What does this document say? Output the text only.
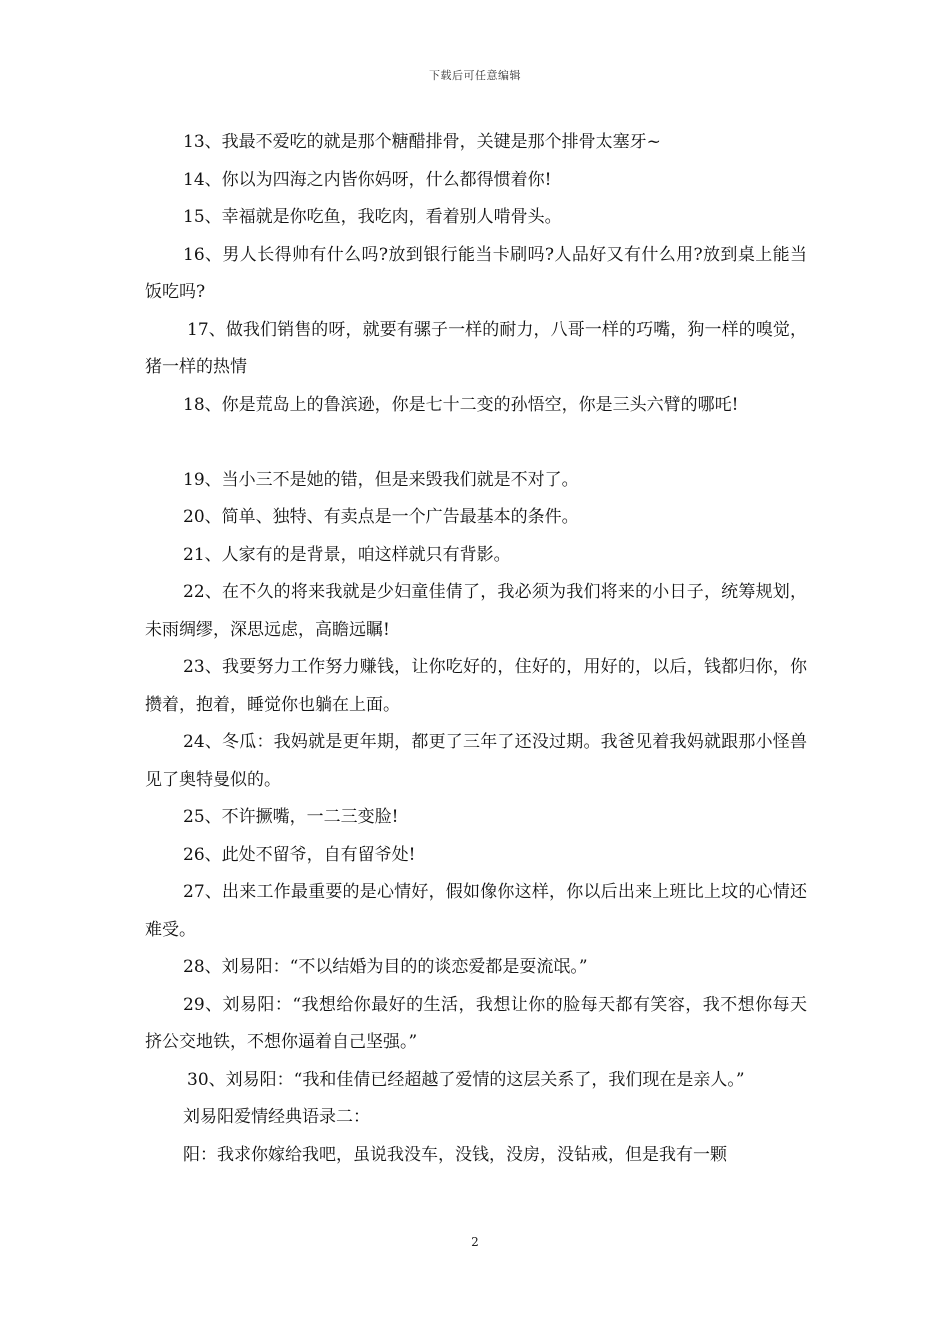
下载后可任意编辑

13、我最不爱吃的就是那个糖醋排骨，关键是那个排骨太塞牙~

14、你以为四海之内皆你妈呀，什么都得惯着你!

15、幸福就是你吃鱼，我吃肉，看着别人啃骨头。

16、男人长得帅有什么吗?放到银行能当卡刷吗?人品好又有什么用?放到桌上能当饭吃吗?

17、做我们销售的呀，就要有骡子一样的耐力，八哥一样的巧嘴，狗一样的嗅觉，猪一样的热情

18、你是荒岛上的鲁滨逊，你是七十二变的孙悟空，你是三头六臂的哪吒!

19、当小三不是她的错，但是来毁我们就是不对了。

20、简单、独特、有卖点是一个广告最基本的条件。

21、人家有的是背景，咱这样就只有背影。

22、在不久的将来我就是少妇童佳倩了，我必须为我们将来的小日子，统筹规划，未雨绸缪，深思远虑，高瞻远瞩!

23、我要努力工作努力赚钱，让你吃好的，住好的，用好的，以后，钱都归你，你攒着，抱着，睡觉你也躺在上面。

24、冬瓜：我妈就是更年期，都更了三年了还没过期。我爸见着我妈就跟那小怪兽见了奥特曼似的。

25、不许撅嘴，一二三变脸!

26、此处不留爷，自有留爷处!

27、出来工作最重要的是心情好，假如像你这样，你以后出来上班比上坟的心情还难受。

28、刘易阳：“不以结婚为目的的谈恋爱都是耍流氓。”

29、刘易阳：“我想给你最好的生活，我想让你的脸每天都有笑容，我不想你每天挤公交地铁，不想你逼着自己坚强。”

30、刘易阳：“我和佳倩已经超越了爱情的这层关系了，我们现在是亲人。”

刘易阳爱情经典语录二：

阳：我求你嫁给我吧，虽说我没车，没钱，没房，没钻戒，但是我有一颗

2
